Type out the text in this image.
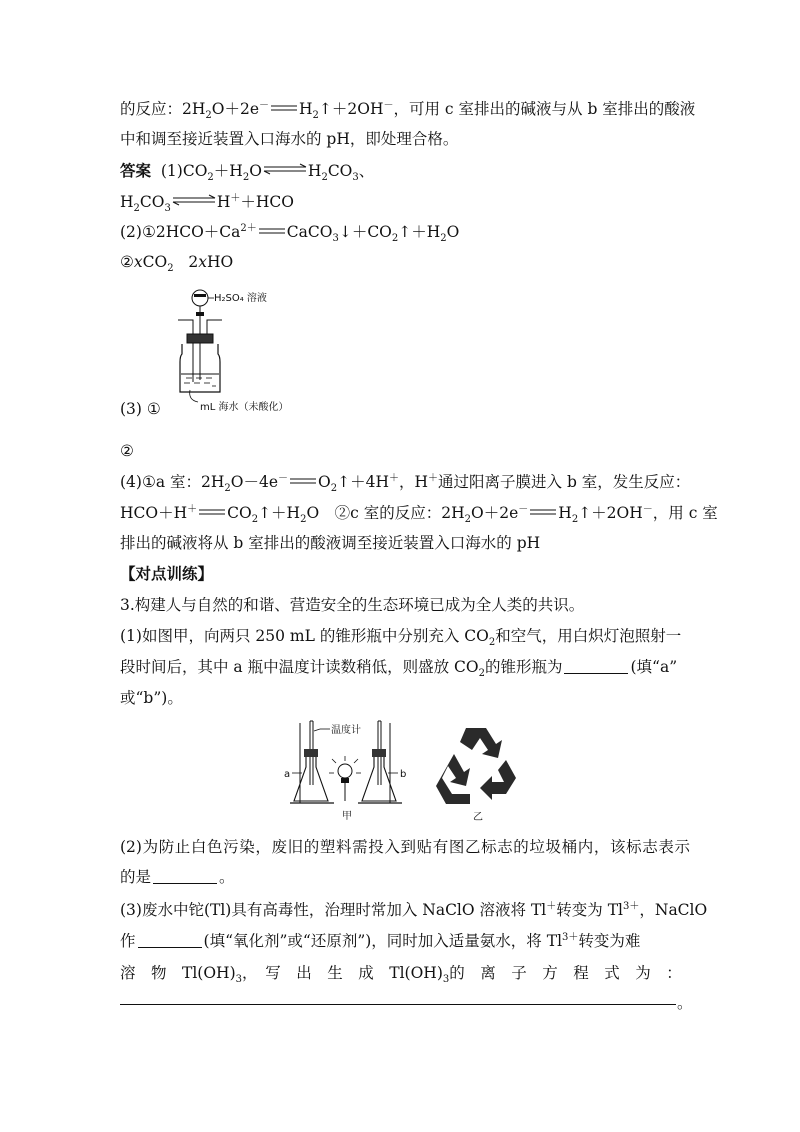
的反应：$2H_2O+2e^-$ $H_2↑+2OH^-$，可用 c 室排出的碱液与从 b 室排出的酸液
中和调至接近装置入口海水的 pH，即处理合格。
答案 $(1)CO_2+H_2O\rightleftharpoons H_2CO_3$、
$H_2CO_3$ ⇌H＋＋HCO
$(2)①2HCO+Ca^{2+}$ $CaCO_3↓+CO_2↑+H_2O$
②xCO$_2$ 2xHO
H₂SO₄ 溶液
mL 海水（未酸化）
(3) ①
②
(4)①a 室：$2H_2O-4e^-$ $O_2↑+4H^+$，H＋通过阳离子膜进入 b 室，发生反应：
HCO＋H＋ $CO_2↑+H_2O$　②c 室的反应：$2H_2O+2e^-$ $H_2↑+2OH^-$，用 c 室
排出的碱液将从 b 室排出的酸液调至接近装置入口海水的 pH
【对点训练】
3.构建人与自然的和谐、营造安全的生态环境已成为全人类的共识。
(1)如图甲，向两只 250 mL 的锥形瓶中分别充入 $CO_2$和空气，用白炽灯泡照射一
段时间后，其中 a 瓶中温度计读数稍低，则盛放 $CO_2$的锥形瓶为	(填“a”
或“b”)。
温度计
a	b
甲	乙
(2)为防止白色污染，废旧的塑料需投入到贴有图乙标志的垃圾桶内，该标志表示
的是	。
(3)废水中铊(Tl)具有高毒性，治理时常加入 NaClO 溶液将 Tl＋转变为 $Tl^{3+}$，NaClO
作	(填“氧化剂”或“还原剂”)，同时加入适量氨水，将 $Tl^{3+}$转变为难
溶　物　$Tl(OH)_3$，　写　出　生　成　$Tl(OH)_3$的　离　子　方　程　式　为　：
。
